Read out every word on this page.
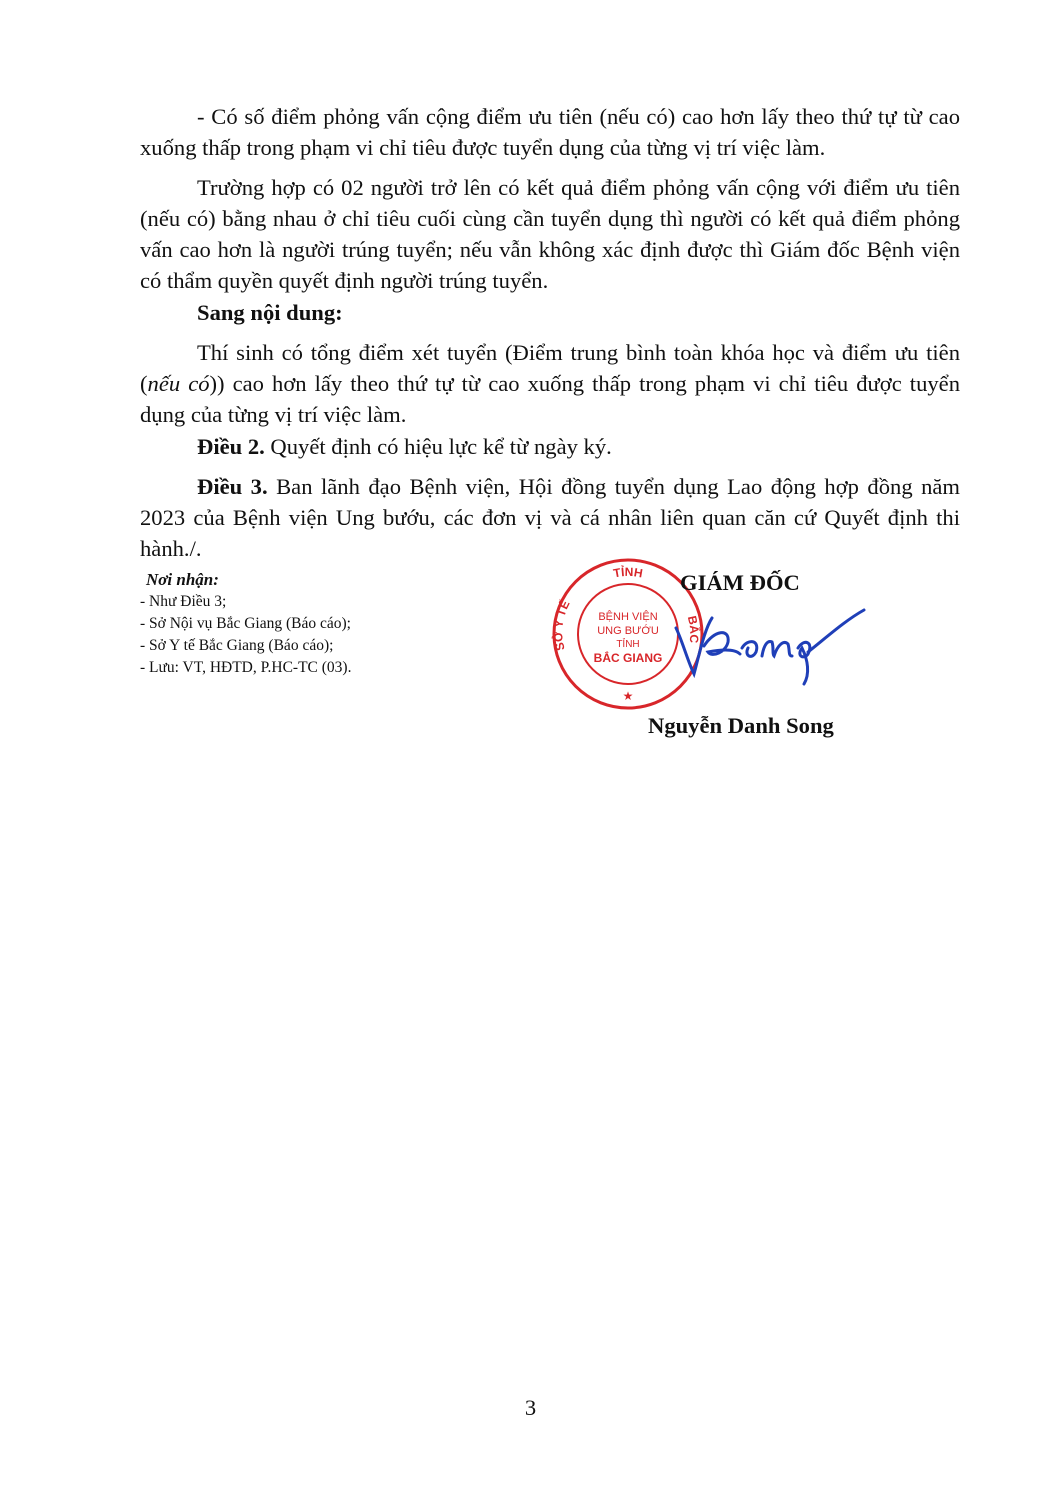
- Có số điểm phỏng vấn cộng điểm ưu tiên (nếu có) cao hơn lấy theo thứ tự từ cao xuống thấp trong phạm vi chỉ tiêu được tuyển dụng của từng vị trí việc làm.

Trường hợp có 02 người trở lên có kết quả điểm phỏng vấn cộng với điểm ưu tiên (nếu có) bằng nhau ở chỉ tiêu cuối cùng cần tuyển dụng thì người có kết quả điểm phỏng vấn cao hơn là người trúng tuyển; nếu vẫn không xác định được thì Giám đốc Bệnh viện có thẩm quyền quyết định người trúng tuyển.

Sang nội dung:

Thí sinh có tổng điểm xét tuyển (Điểm trung bình toàn khóa học và điểm ưu tiên (nếu có)) cao hơn lấy theo thứ tự từ cao xuống thấp trong phạm vi chỉ tiêu được tuyển dụng của từng vị trí việc làm.

Điều 2. Quyết định có hiệu lực kể từ ngày ký.

Điều 3. Ban lãnh đạo Bệnh viện, Hội đồng tuyển dụng Lao động hợp đồng năm 2023 của Bệnh viện Ung bướu, các đơn vị và cá nhân liên quan căn cứ Quyết định thi hành./.

Nơi nhận:
- Như Điều 3;
- Sở Nội vụ Bắc Giang (Báo cáo);
- Sở Y tế Bắc Giang (Báo cáo);
- Lưu: VT, HĐTD, P.HC-TC (03).
TỈNH
SỞ Y TẾ
BẮC
BỆNH VIỆN
UNG BƯỚU
TỈNH
BẮC GIANG
★
GIÁM ĐỐC
Nguyễn Danh Song
3
